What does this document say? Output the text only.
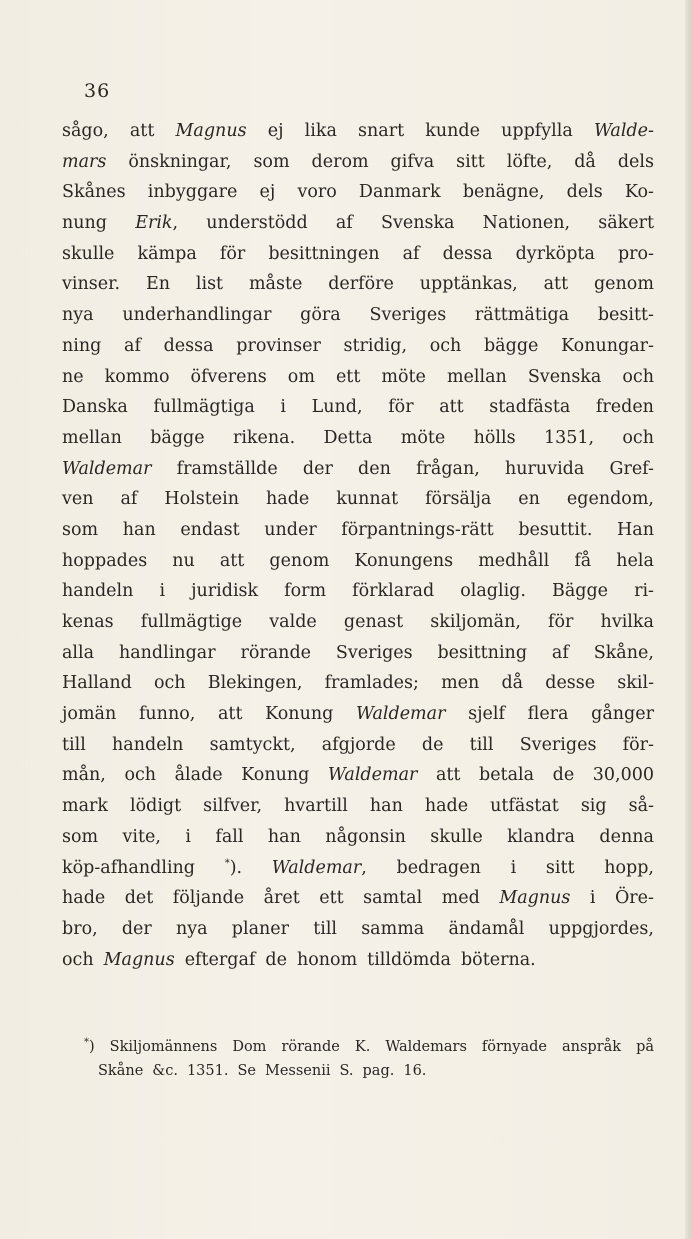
36
sågo, att Magnus ej lika snart kunde uppfylla Walde-
mars önskningar, som derom gifva sitt löfte, då dels
Skånes inbyggare ej voro Danmark benägne, dels Ko-
nung Erik, understödd af Svenska Nationen, säkert
skulle kämpa för besittningen af dessa dyrköpta pro-
vinser. En list måste derföre upptänkas, att genom
nya underhandlingar göra Sveriges rättmätiga besitt-
ning af dessa provinser stridig, och bägge Konungar-
ne kommo öfverens om ett möte mellan Svenska och
Danska fullmägtiga i Lund, för att stadfästa freden
mellan bägge rikena. Detta möte hölls 1351, och
Waldemar framställde der den frågan, huruvida Gref-
ven af Holstein hade kunnat försälja en egendom,
som han endast under förpantnings-rätt besuttit. Han
hoppades nu att genom Konungens medhåll få hela
handeln i juridisk form förklarad olaglig. Bägge ri-
kenas fullmägtige valde genast skiljomän, för hvilka
alla handlingar rörande Sveriges besittning af Skåne,
Halland och Blekingen, framlades; men då desse skil-
jomän funno, att Konung Waldemar sjelf flera gånger
till handeln samtyckt, afgjorde de till Sveriges för-
mån, och ålade Konung Waldemar att betala de 30,000
mark lödigt silfver, hvartill han hade utfästat sig så-
som vite, i fall han någonsin skulle klandra denna
köp-afhandling	*). Waldemar, bedragen i sitt hopp,
hade det följande året ett samtal med Magnus i Öre-
bro, der nya planer till samma ändamål uppgjordes,
och Magnus eftergaf de honom tilldömda böterna.
*) Skiljomännens Dom rörande K. Waldemars förnyade anspråk på
Skåne &c. 1351. Se Messenii S. pag. 16.
